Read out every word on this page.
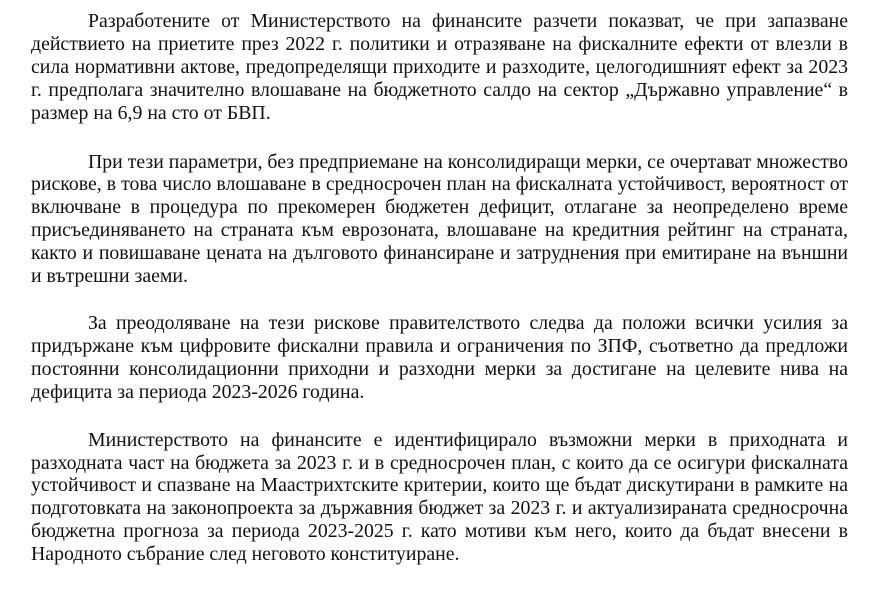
Разработените от Министерството на финансите разчети показват, че при запазване действието на приетите през 2022 г. политики и отразяване на фискалните ефекти от влезли в сила нормативни актове, предопределящи приходите и разходите, целогодишният ефект за 2023 г. предполага значително влошаване на бюджетното салдо на сектор „Държавно управление“ в размер на 6,9 на сто от БВП.

При тези параметри, без предприемане на консолидиращи мерки, се очертават множество рискове, в това число влошаване в средносрочен план на фискалната устойчивост, вероятност от включване в процедура по прекомерен бюджетен дефицит, отлагане за неопределено време присъединяването на страната към еврозоната, влошаване на кредитния рейтинг на страната, както и повишаване цената на дълговото финансиране и затруднения при емитиране на външни и вътрешни заеми.

За преодоляване на тези рискове правителството следва да положи всички усилия за придържане към цифровите фискални правила и ограничения по ЗПФ, съответно да предложи постоянни консолидационни приходни и разходни мерки за достигане на целевите нива на дефицита за периода 2023-2026 година.

Министерството на финансите е идентифицирало възможни мерки в приходната и разходната част на бюджета за 2023 г. и в средносрочен план, с които да се осигури фискалната устойчивост и спазване на Маастрихтските критерии, които ще бъдат дискутирани в рамките на подготовката на законопроекта за държавния бюджет за 2023 г. и актуализираната средносрочна бюджетна прогноза за периода 2023-2025 г. като мотиви към него, които да бъдат внесени в Народното събрание след неговото конституиране.
